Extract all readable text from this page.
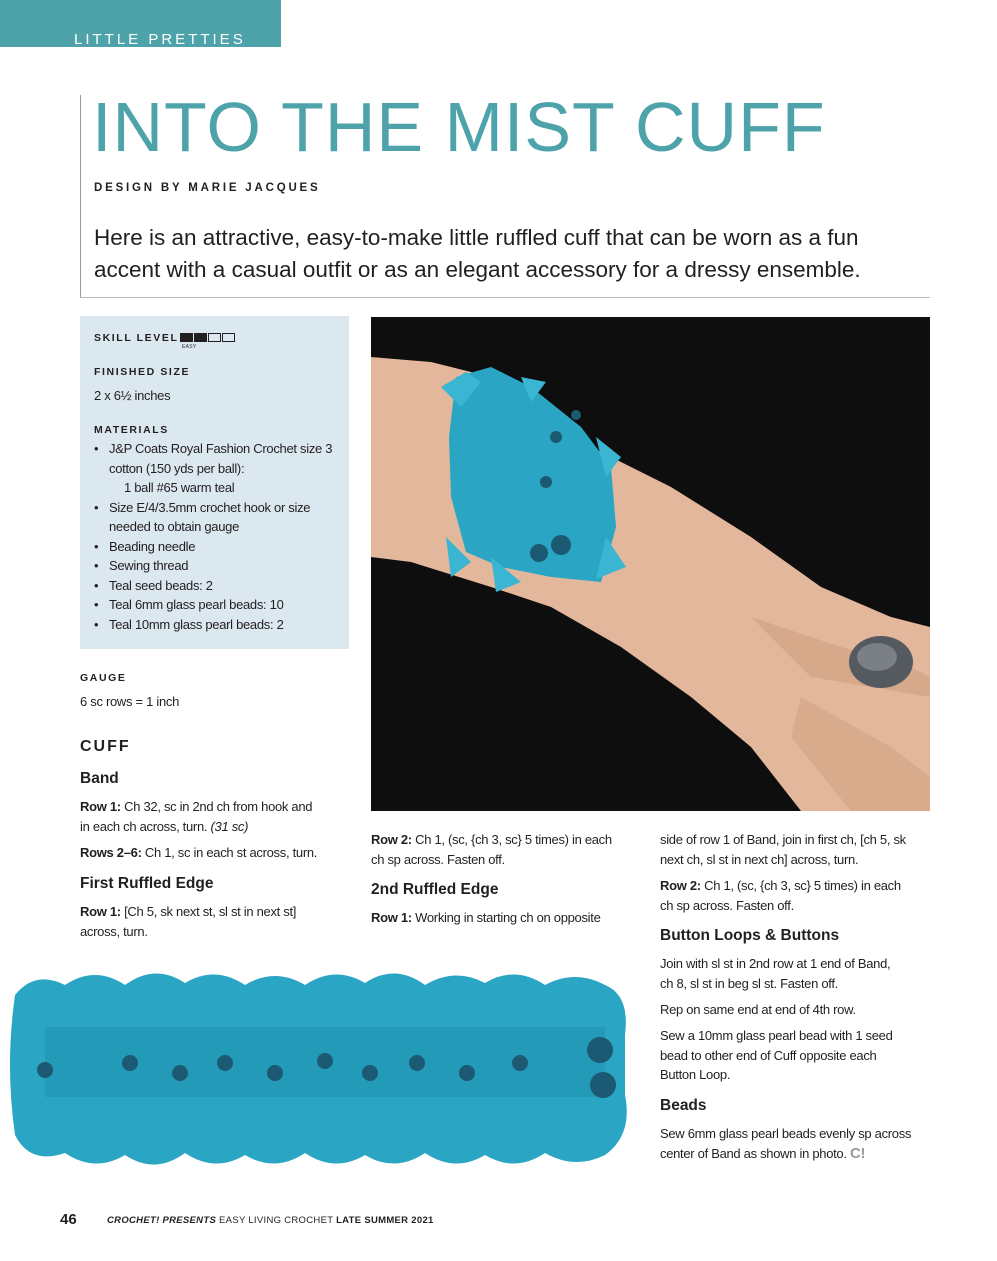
LITTLE PRETTIES
INTO THE MIST CUFF
DESIGN BY MARIE JACQUES

Here is an attractive, easy-to-make little ruffled cuff that can be worn as a fun
accent with a casual outfit or as an elegant accessory for a dressy ensemble.

SKILL LEVEL
EASY
FINISHED SIZE
2 x 6½ inches
MATERIALS
• J&P Coats Royal Fashion Crochet size 3
cotton (150 yds per ball):
1 ball #65 warm teal
• Size E/4/3.5mm crochet hook or size
needed to obtain gauge
• Beading needle
• Sewing thread
• Teal seed beads: 2
• Teal 6mm glass pearl beads: 10
• Teal 10mm glass pearl beads: 2
GAUGE
6 sc rows = 1 inch
CUFF
Band

Row 1: Ch 32, sc in 2nd ch from hook and
in each ch across, turn. (31 sc)

Rows 2–6: Ch 1, sc in each st across, turn.

First Ruffled Edge

Row 1: [Ch 5, sk next st, sl st in next st]
across, turn.

Row 2: Ch 1, (sc, {ch 3, sc} 5 times) in each
ch sp across. Fasten off.

2nd Ruffled Edge

Row 1: Working in starting ch on opposite

side of row 1 of Band, join in first ch, [ch 5, sk
next ch, sl st in next ch] across, turn.

Row 2: Ch 1, (sc, {ch 3, sc} 5 times) in each
ch sp across. Fasten off.

Button Loops & Buttons

Join with sl st in 2nd row at 1 end of Band,
ch 8, sl st in beg sl st. Fasten off.

Rep on same end at end of 4th row.

Sew a 10mm glass pearl bead with 1 seed
bead to other end of Cuff opposite each
Button Loop.

Beads

Sew 6mm glass pearl beads evenly sp across
center of Band as shown in photo. C!

46	CROCHET! PRESENTS EASY LIVING CROCHET LATE SUMMER 2021
